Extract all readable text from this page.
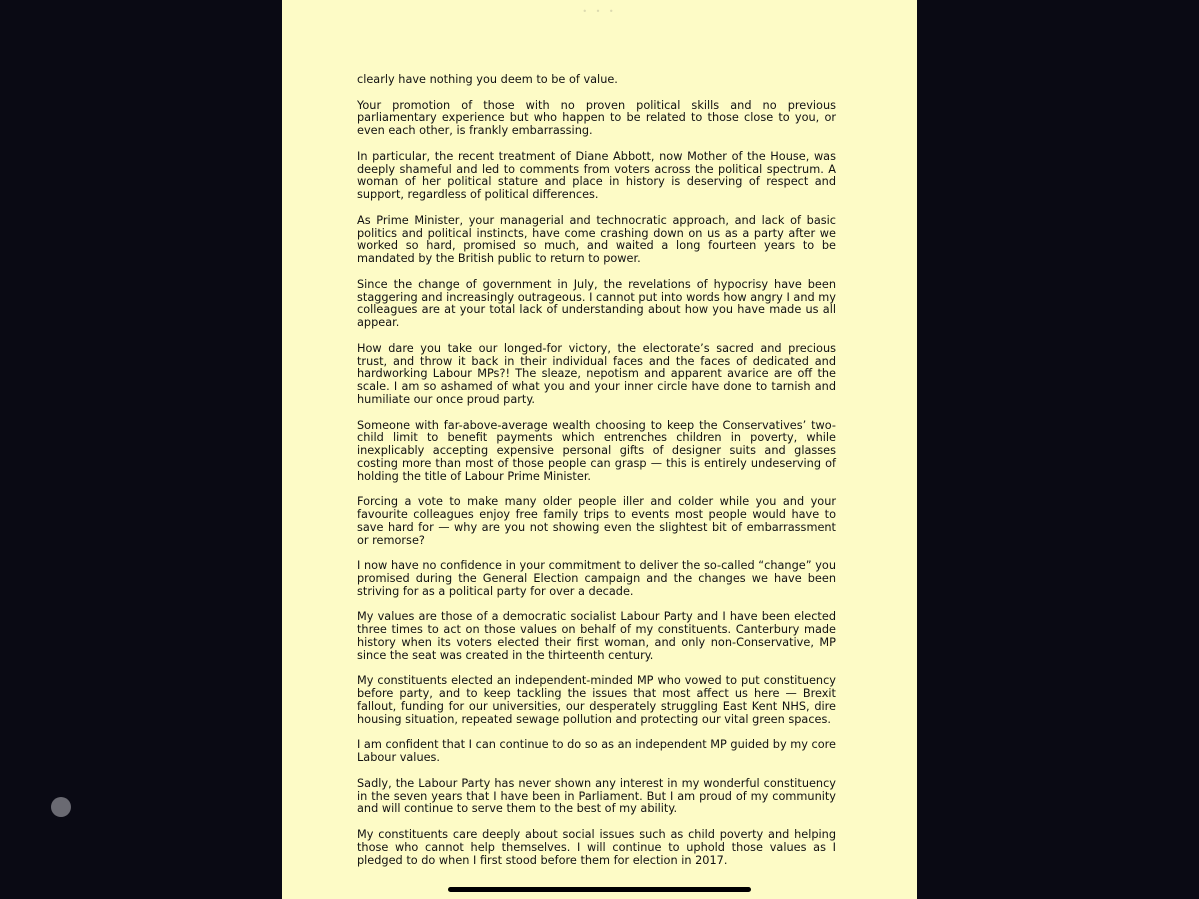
• • •

clearly have nothing you deem to be of value.

Your promotion of those with no proven political skills and no previous parliamentary experience but who happen to be related to those close to you, or even each other, is frankly embarrassing.

In particular, the recent treatment of Diane Abbott, now Mother of the House, was deeply shameful and led to comments from voters across the political spectrum. A woman of her political stature and place in history is deserving of respect and support, regardless of political differences.

As Prime Minister, your managerial and technocratic approach, and lack of basic politics and political instincts, have come crashing down on us as a party after we worked so hard, promised so much, and waited a long fourteen years to be mandated by the British public to return to power.

Since the change of government in July, the revelations of hypocrisy have been staggering and increasingly outrageous. I cannot put into words how angry I and my colleagues are at your total lack of understanding about how you have made us all appear.

How dare you take our longed-for victory, the electorate’s sacred and precious trust, and throw it back in their individual faces and the faces of dedicated and hardworking Labour MPs?! The sleaze, nepotism and apparent avarice are off the scale. I am so ashamed of what you and your inner circle have done to tarnish and humiliate our once proud party.

Someone with far-above-average wealth choosing to keep the Conservatives’ two-child limit to benefit payments which entrenches children in poverty, while inexplicably accepting expensive personal gifts of designer suits and glasses costing more than most of those people can grasp — this is entirely undeserving of holding the title of Labour Prime Minister.

Forcing a vote to make many older people iller and colder while you and your favourite colleagues enjoy free family trips to events most people would have to save hard for — why are you not showing even the slightest bit of embarrassment or remorse?

I now have no confidence in your commitment to deliver the so-called “change” you promised during the General Election campaign and the changes we have been striving for as a political party for over a decade.

My values are those of a democratic socialist Labour Party and I have been elected three times to act on those values on behalf of my constituents. Canterbury made history when its voters elected their first woman, and only non-Conservative, MP since the seat was created in the thirteenth century.

My constituents elected an independent-minded MP who vowed to put constituency before party, and to keep tackling the issues that most affect us here — Brexit fallout, funding for our universities, our desperately struggling East Kent NHS, dire housing situation, repeated sewage pollution and protecting our vital green spaces.

I am confident that I can continue to do so as an independent MP guided by my core Labour values.

Sadly, the Labour Party has never shown any interest in my wonderful constituency in the seven years that I have been in Parliament. But I am proud of my community and will continue to serve them to the best of my ability.

My constituents care deeply about social issues such as child poverty and helping those who cannot help themselves. I will continue to uphold those values as I pledged to do when I first stood before them for election in 2017.
